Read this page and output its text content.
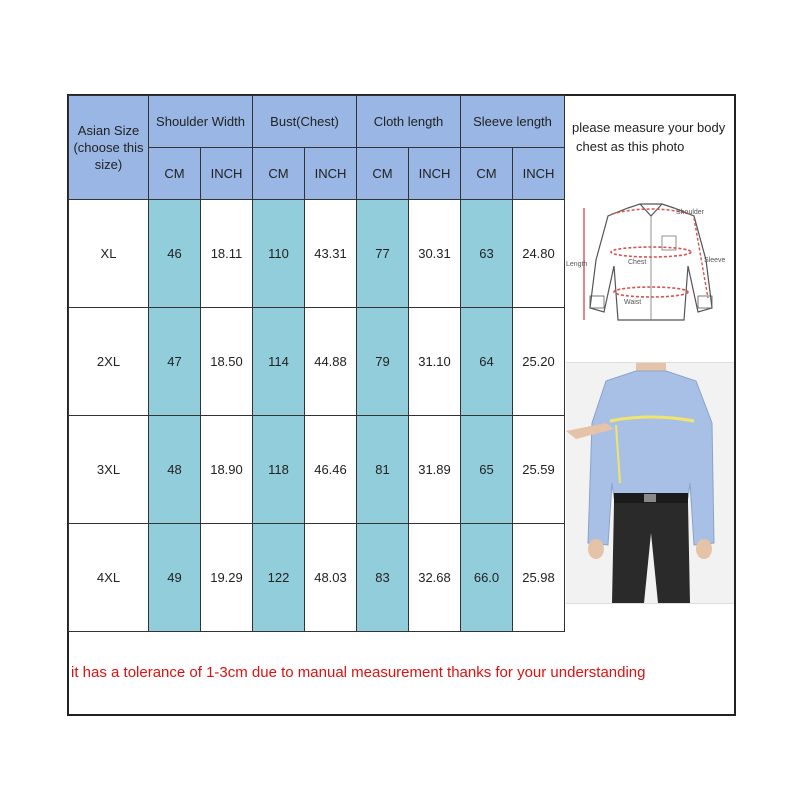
Asian Size (choose this size)	Shoulder Width		Bust(Chest)		Cloth length		Sleeve length	
	CM	INCH	CM	INCH	CM	INCH	CM	INCH
XL	46	18.11	110	43.31	77	30.31	63	24.80
2XL	47	18.50	114	44.88	79	31.10	64	25.20
3XL	48	18.90	118	46.46	81	31.89	65	25.59
4XL	49	19.29	122	48.03	83	32.68	66.0	25.98
please measure your body
chest as this photo
Shoulder
Sleeve
Chest
Waist
Length
it has a tolerance of 1-3cm due to manual measurement thanks for your understanding
